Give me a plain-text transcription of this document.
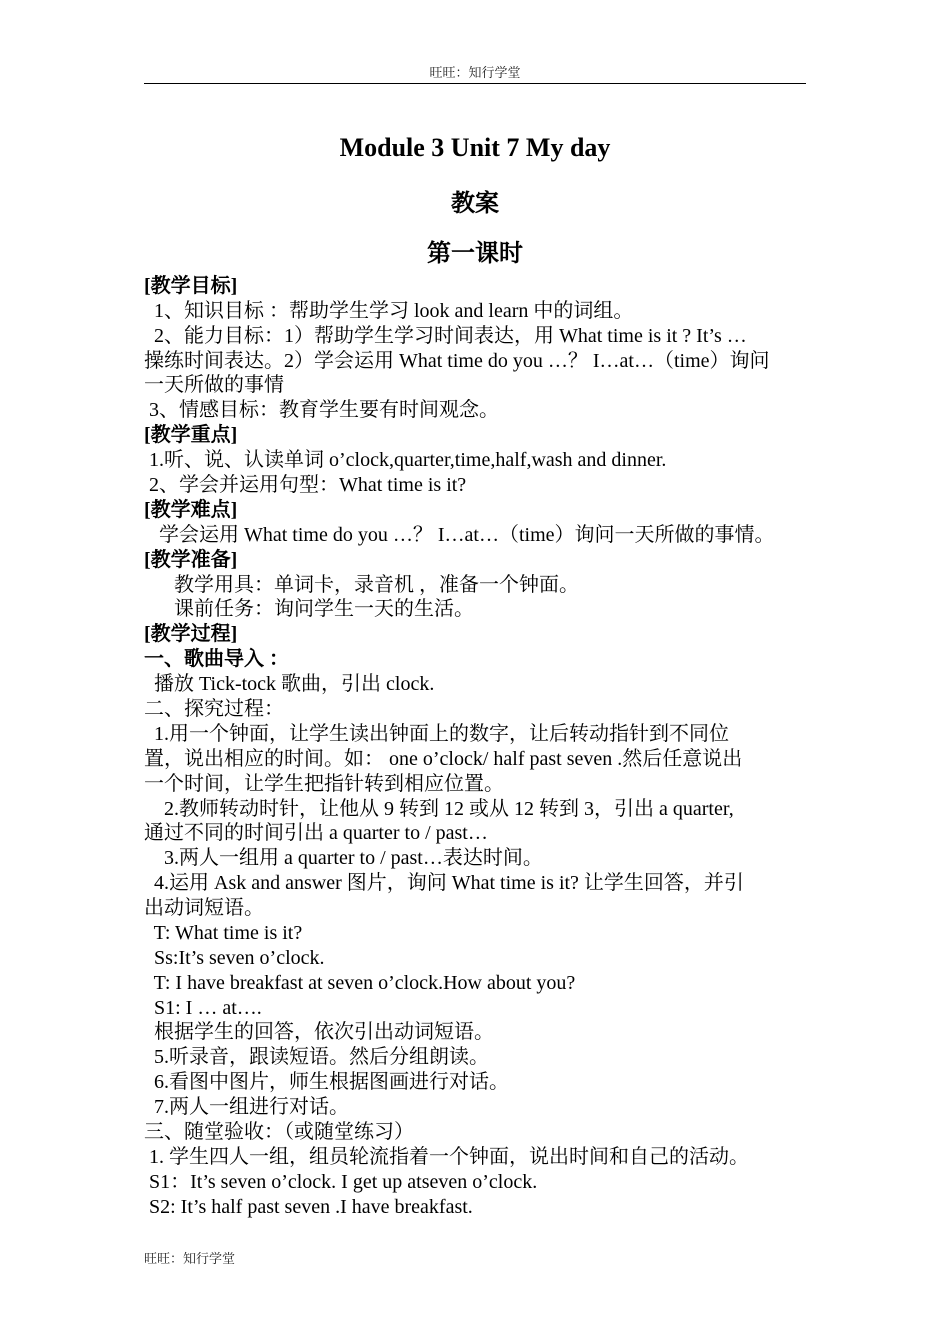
旺旺：知行学堂
Module 3 Unit 7 My day
教案
第一课时
[教学目标]
1、知识目标 ：帮助学生学习 look and learn 中的词组。
2、能力目标：1）帮助学生学习时间表达，用 What time is it ? It’s …
操练时间表达。2）学会运用 What time do you …？ I…at…（time）询问
一天所做的事情
3、情感目标：教育学生要有时间观念。
[教学重点]
1.听、说、认读单词 o’clock,quarter,time,half,wash and dinner.
2、学会并运用句型：What time is it?
[教学难点]
学会运用 What time do you …？ I…at…（time）询问一天所做的事情。
[教学准备]
教学用具：单词卡，录音机 ，准备一个钟面。
课前任务：询问学生一天的生活。
[教学过程]
一、歌曲导入 ：
播放 Tick-tock 歌曲，引出 clock.
二、探究过程：
1.用一个钟面，让学生读出钟面上的数字，让后转动指针到不同位
置，说出相应的时间。如： one o’clock/ half past seven .然后任意说出
一个时间，让学生把指针转到相应位置。
2.教师转动时针，让他从 9 转到 12 或从 12 转到 3，引出 a quarter,
通过不同的时间引出 a quarter to / past…
3.两人一组用 a quarter to / past…表达时间。
4.运用 Ask and answer 图片，询问 What time is it? 让学生回答，并引
出动词短语。
T: What time is it?
Ss:It’s seven o’clock.
T: I have breakfast at seven o’clock.How about you?
S1: I … at….
根据学生的回答，依次引出动词短语。
5.听录音，跟读短语。然后分组朗读。
6.看图中图片，师生根据图画进行对话。
7.两人一组进行对话。
三、随堂验收：（或随堂练习）
1. 学生四人一组，组员轮流指着一个钟面，说出时间和自己的活动。
S1：It’s seven o’clock. I get up atseven o’clock.
S2: It’s half past seven .I have breakfast.
旺旺：知行学堂
